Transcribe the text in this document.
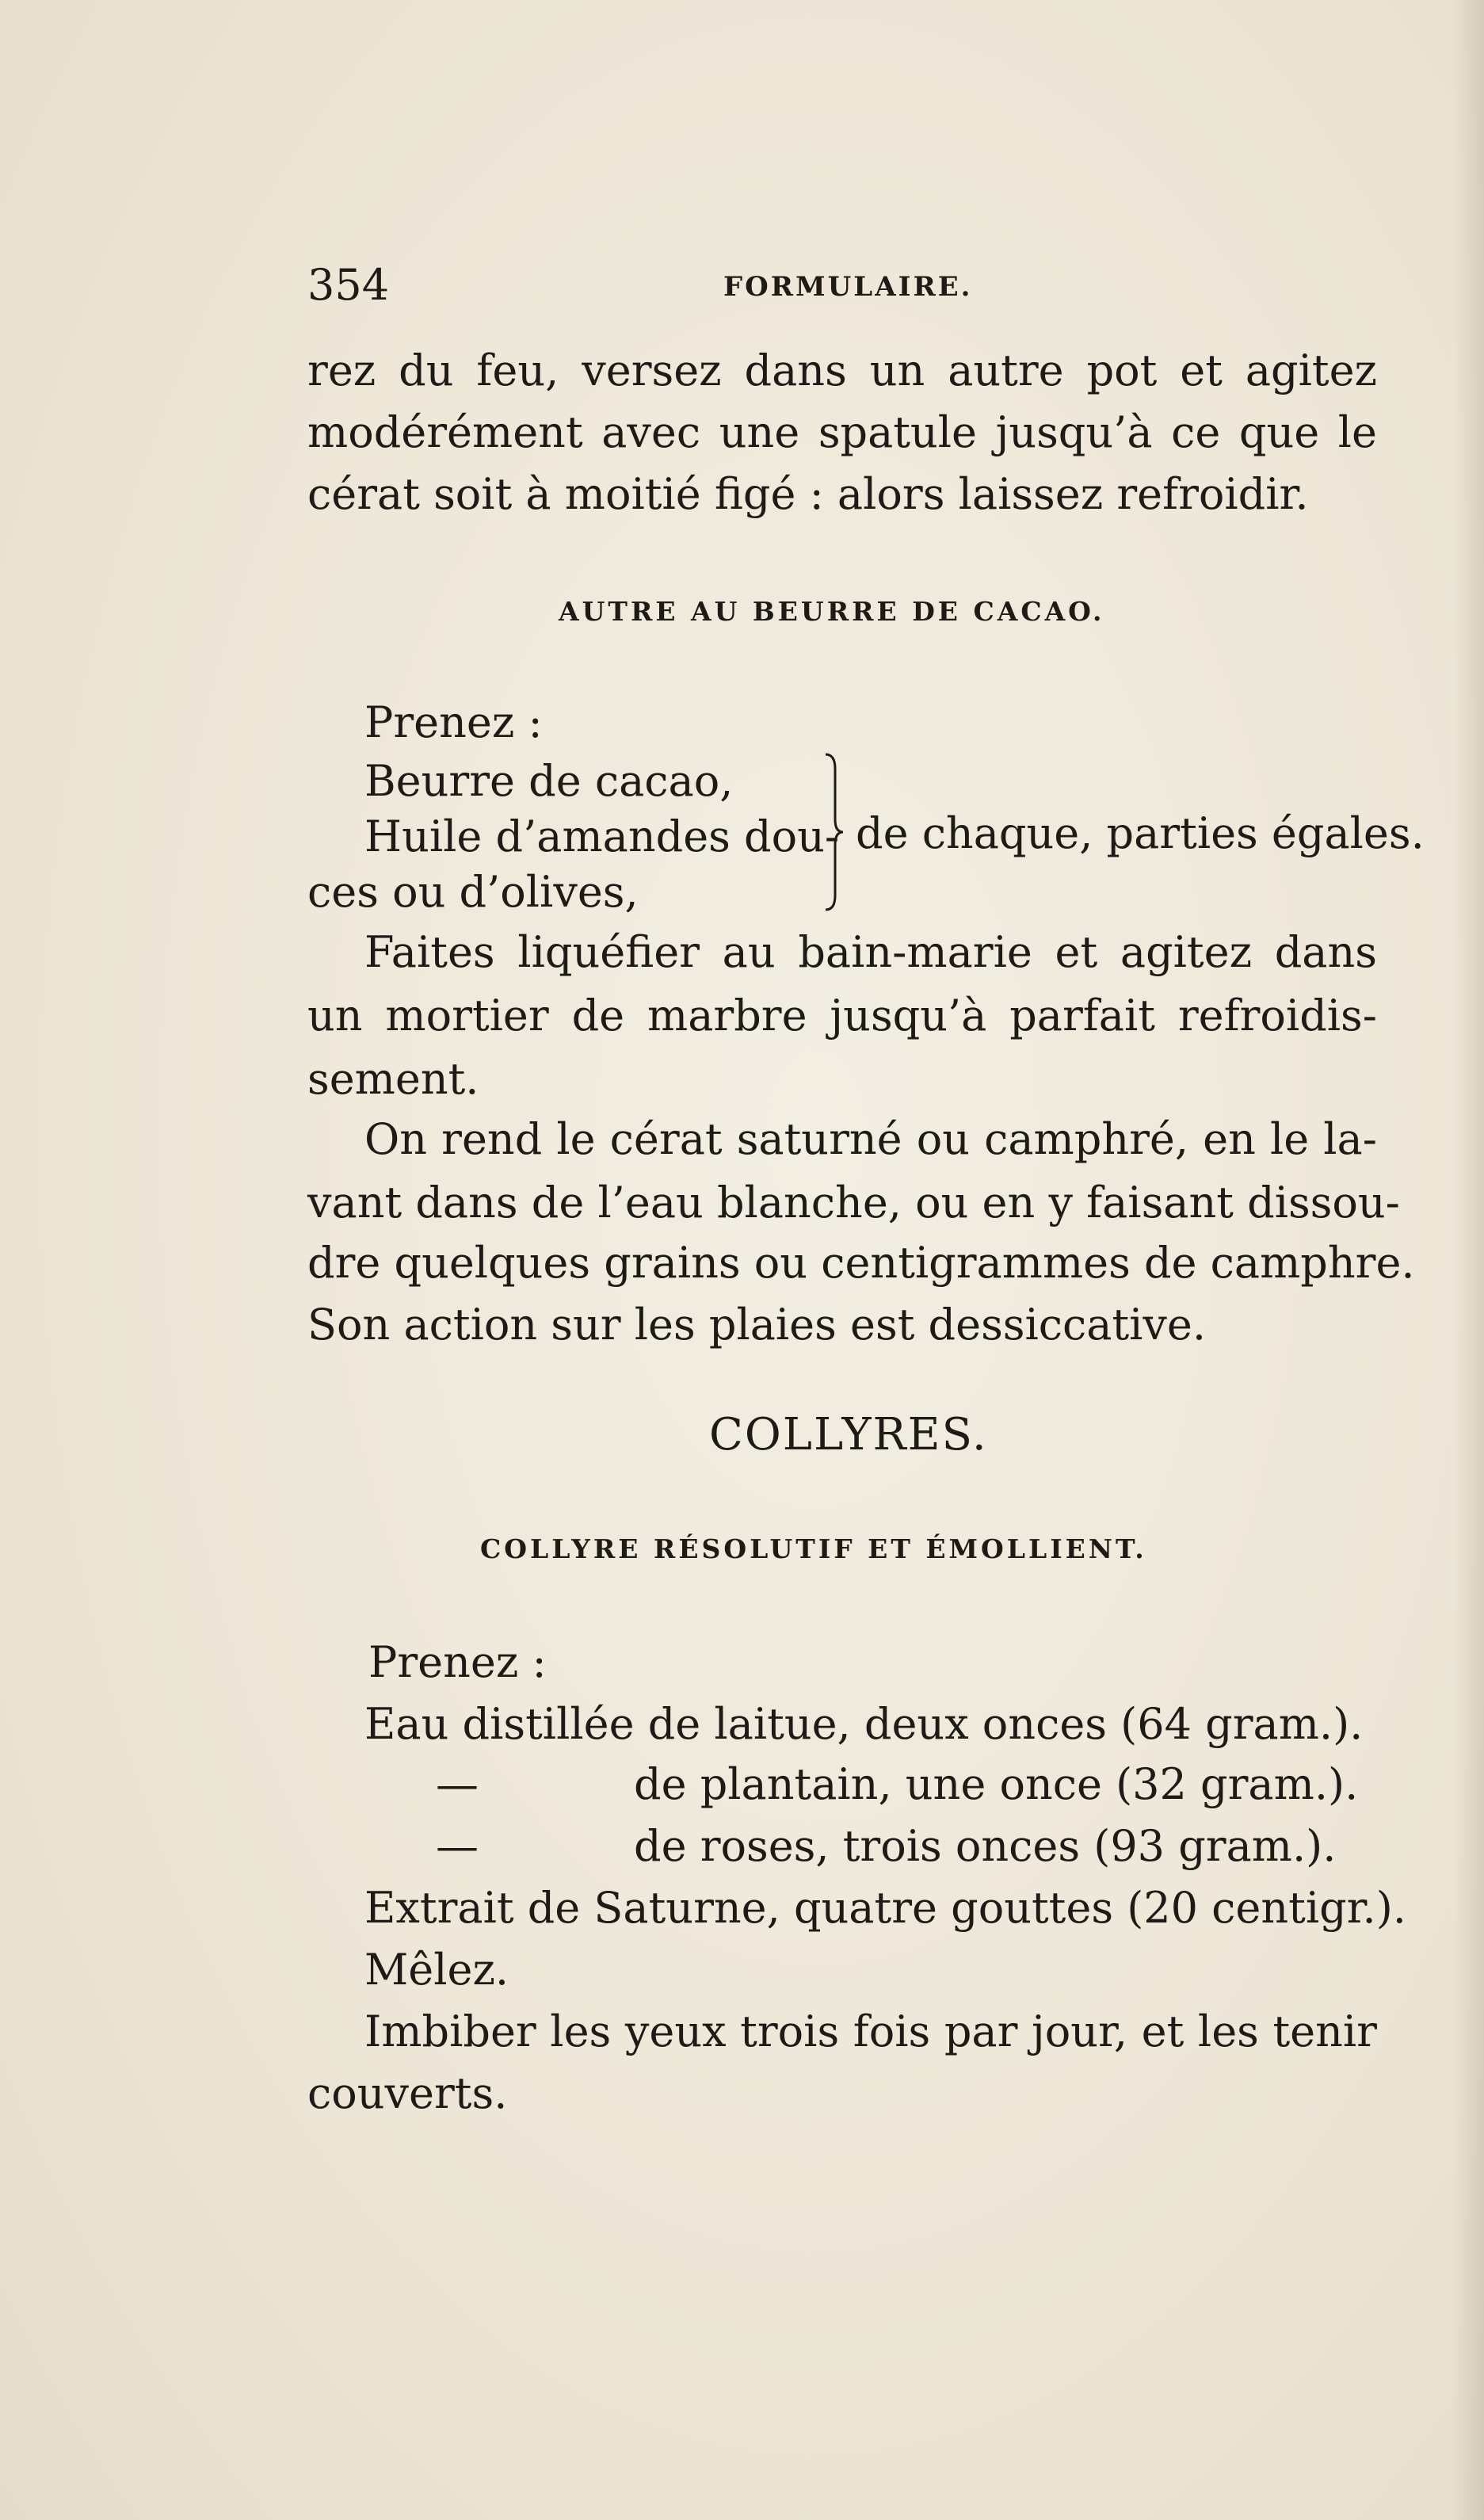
354	FORMULAIRE.
rez du feu, versez dans un autre pot et agitez
modérément avec une spatule jusqu’à ce que le
cérat soit à moitié figé : alors laissez refroidir.
AUTRE AU BEURRE DE CACAO.
Prenez :
Beurre de cacao,
Huile d’amandes dou-
ces ou d’olives,
de chaque, parties égales.
Faites liquéfier au bain-marie et agitez dans
un mortier de marbre jusqu’à parfait refroidis-
sement.
On rend le cérat saturné ou camphré, en le la-
vant dans de l’eau blanche, ou en y faisant dissou-
dre quelques grains ou centigrammes de camphre.
Son action sur les plaies est dessiccative.
COLLYRES.
COLLYRE RÉSOLUTIF ET ÉMOLLIENT.
Prenez :
Eau distillée de laitue, deux onces (64 gram.).
—	de plantain, une once (32 gram.).
—	de roses, trois onces (93 gram.).
Extrait de Saturne, quatre gouttes (20 centigr.).
Mêlez.
Imbiber les yeux trois fois par jour, et les tenir
couverts.
